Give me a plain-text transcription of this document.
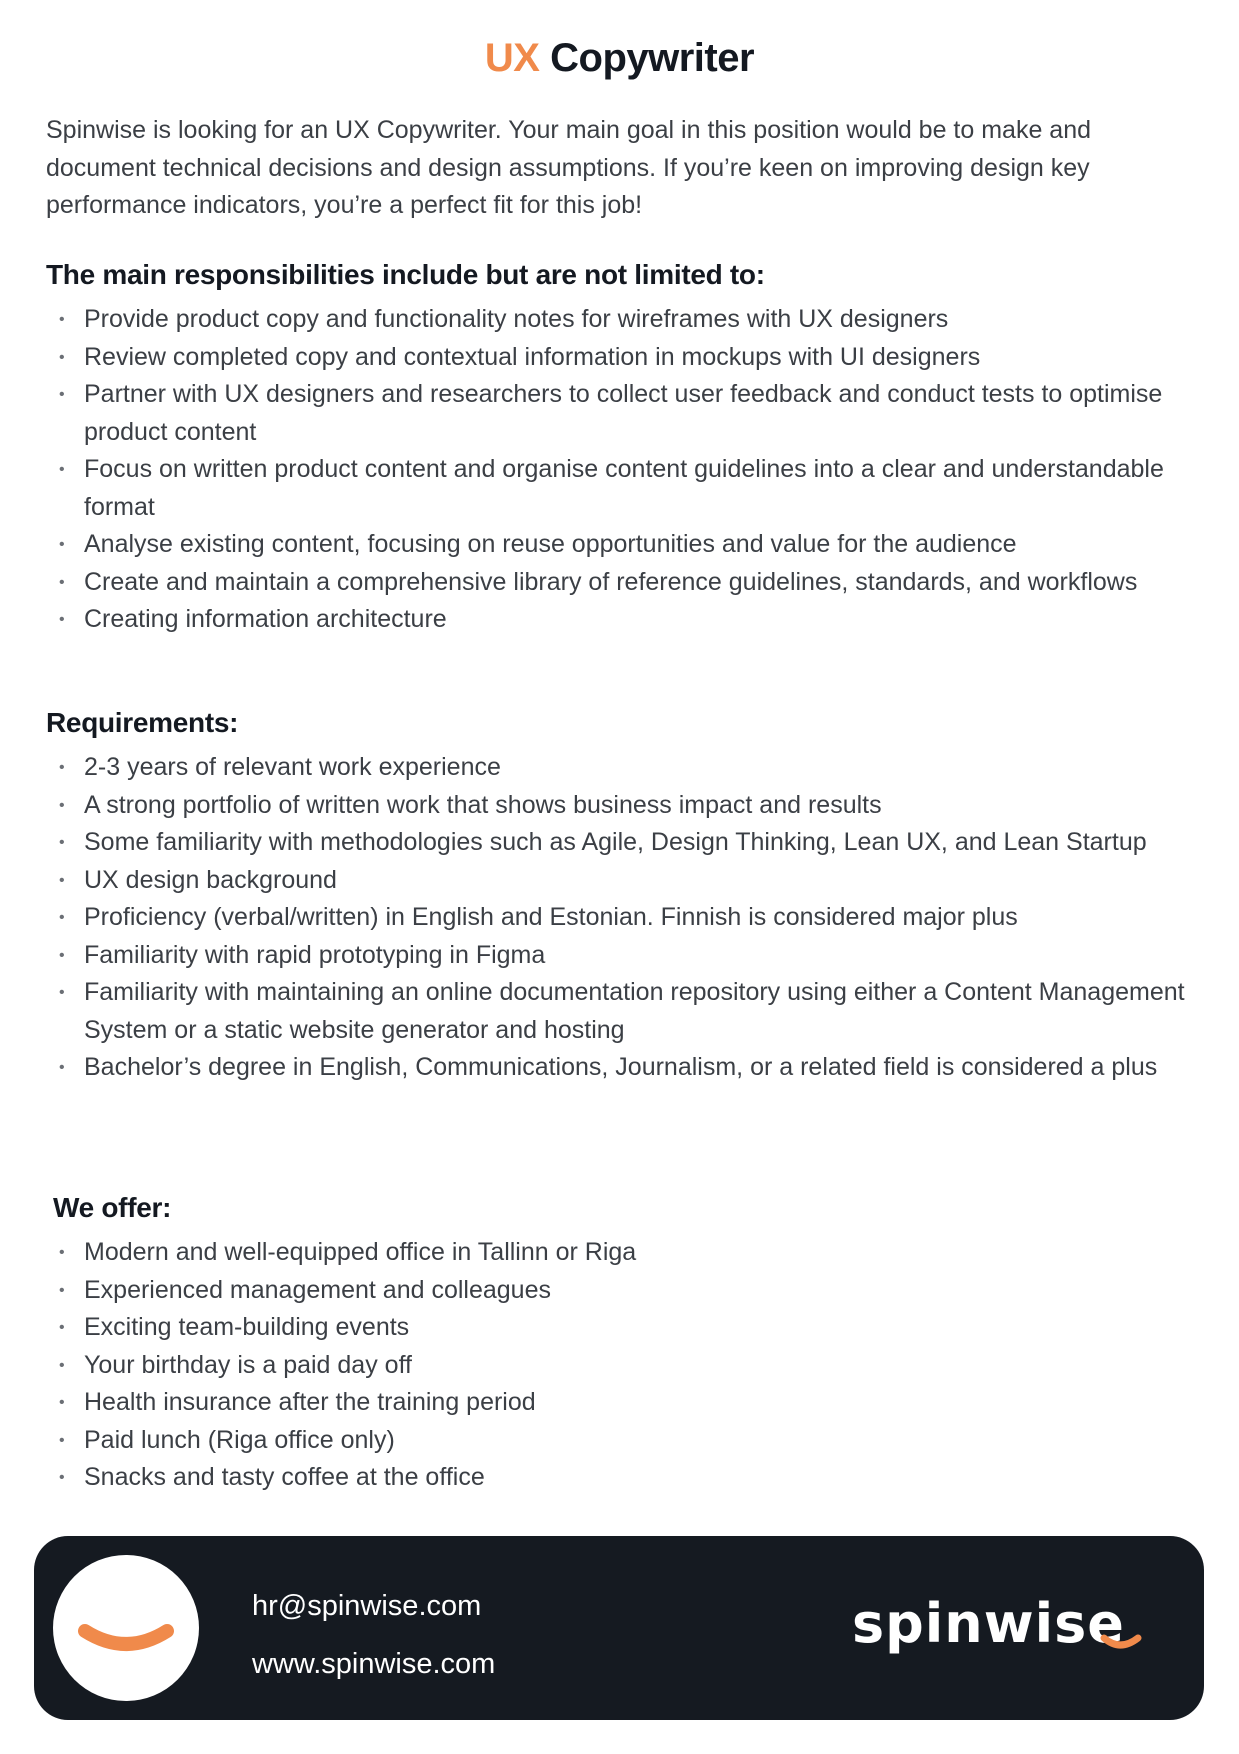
UX Copywriter

Spinwise is looking for an UX Copywriter. Your main goal in this position would be to make and document technical decisions and design assumptions. If you’re keen on improving design key performance indicators, you’re a perfect fit for this job!

The main responsibilities include but are not limited to:
• Provide product copy and functionality notes for wireframes with UX designers
• Review completed copy and contextual information in mockups with UI designers
• Partner with UX designers and researchers to collect user feedback and conduct tests to optimise product content
• Focus on written product content and organise content guidelines into a clear and understandable format
• Analyse existing content, focusing on reuse opportunities and value for the audience
• Create and maintain a comprehensive library of reference guidelines, standards, and workflows
• Creating information architecture
Requirements:
• 2-3 years of relevant work experience
• A strong portfolio of written work that shows business impact and results
• Some familiarity with methodologies such as Agile, Design Thinking, Lean UX, and Lean Startup
• UX design background
• Proficiency (verbal/written) in English and Estonian. Finnish is considered major plus
• Familiarity with rapid prototyping in Figma
• Familiarity with maintaining an online documentation repository using either a Content Management System or a static website generator and hosting
• Bachelor’s degree in English, Communications, Journalism, or a related field is considered a plus
We offer:
• Modern and well-equipped office in Tallinn or Riga
• Experienced management and colleagues
• Exciting team-building events
• Your birthday is a paid day off
• Health insurance after the training period
• Paid lunch (Riga office only)
• Snacks and tasty coffee at the office
hr@spinwise.com
www.spinwise.com
spinwise
